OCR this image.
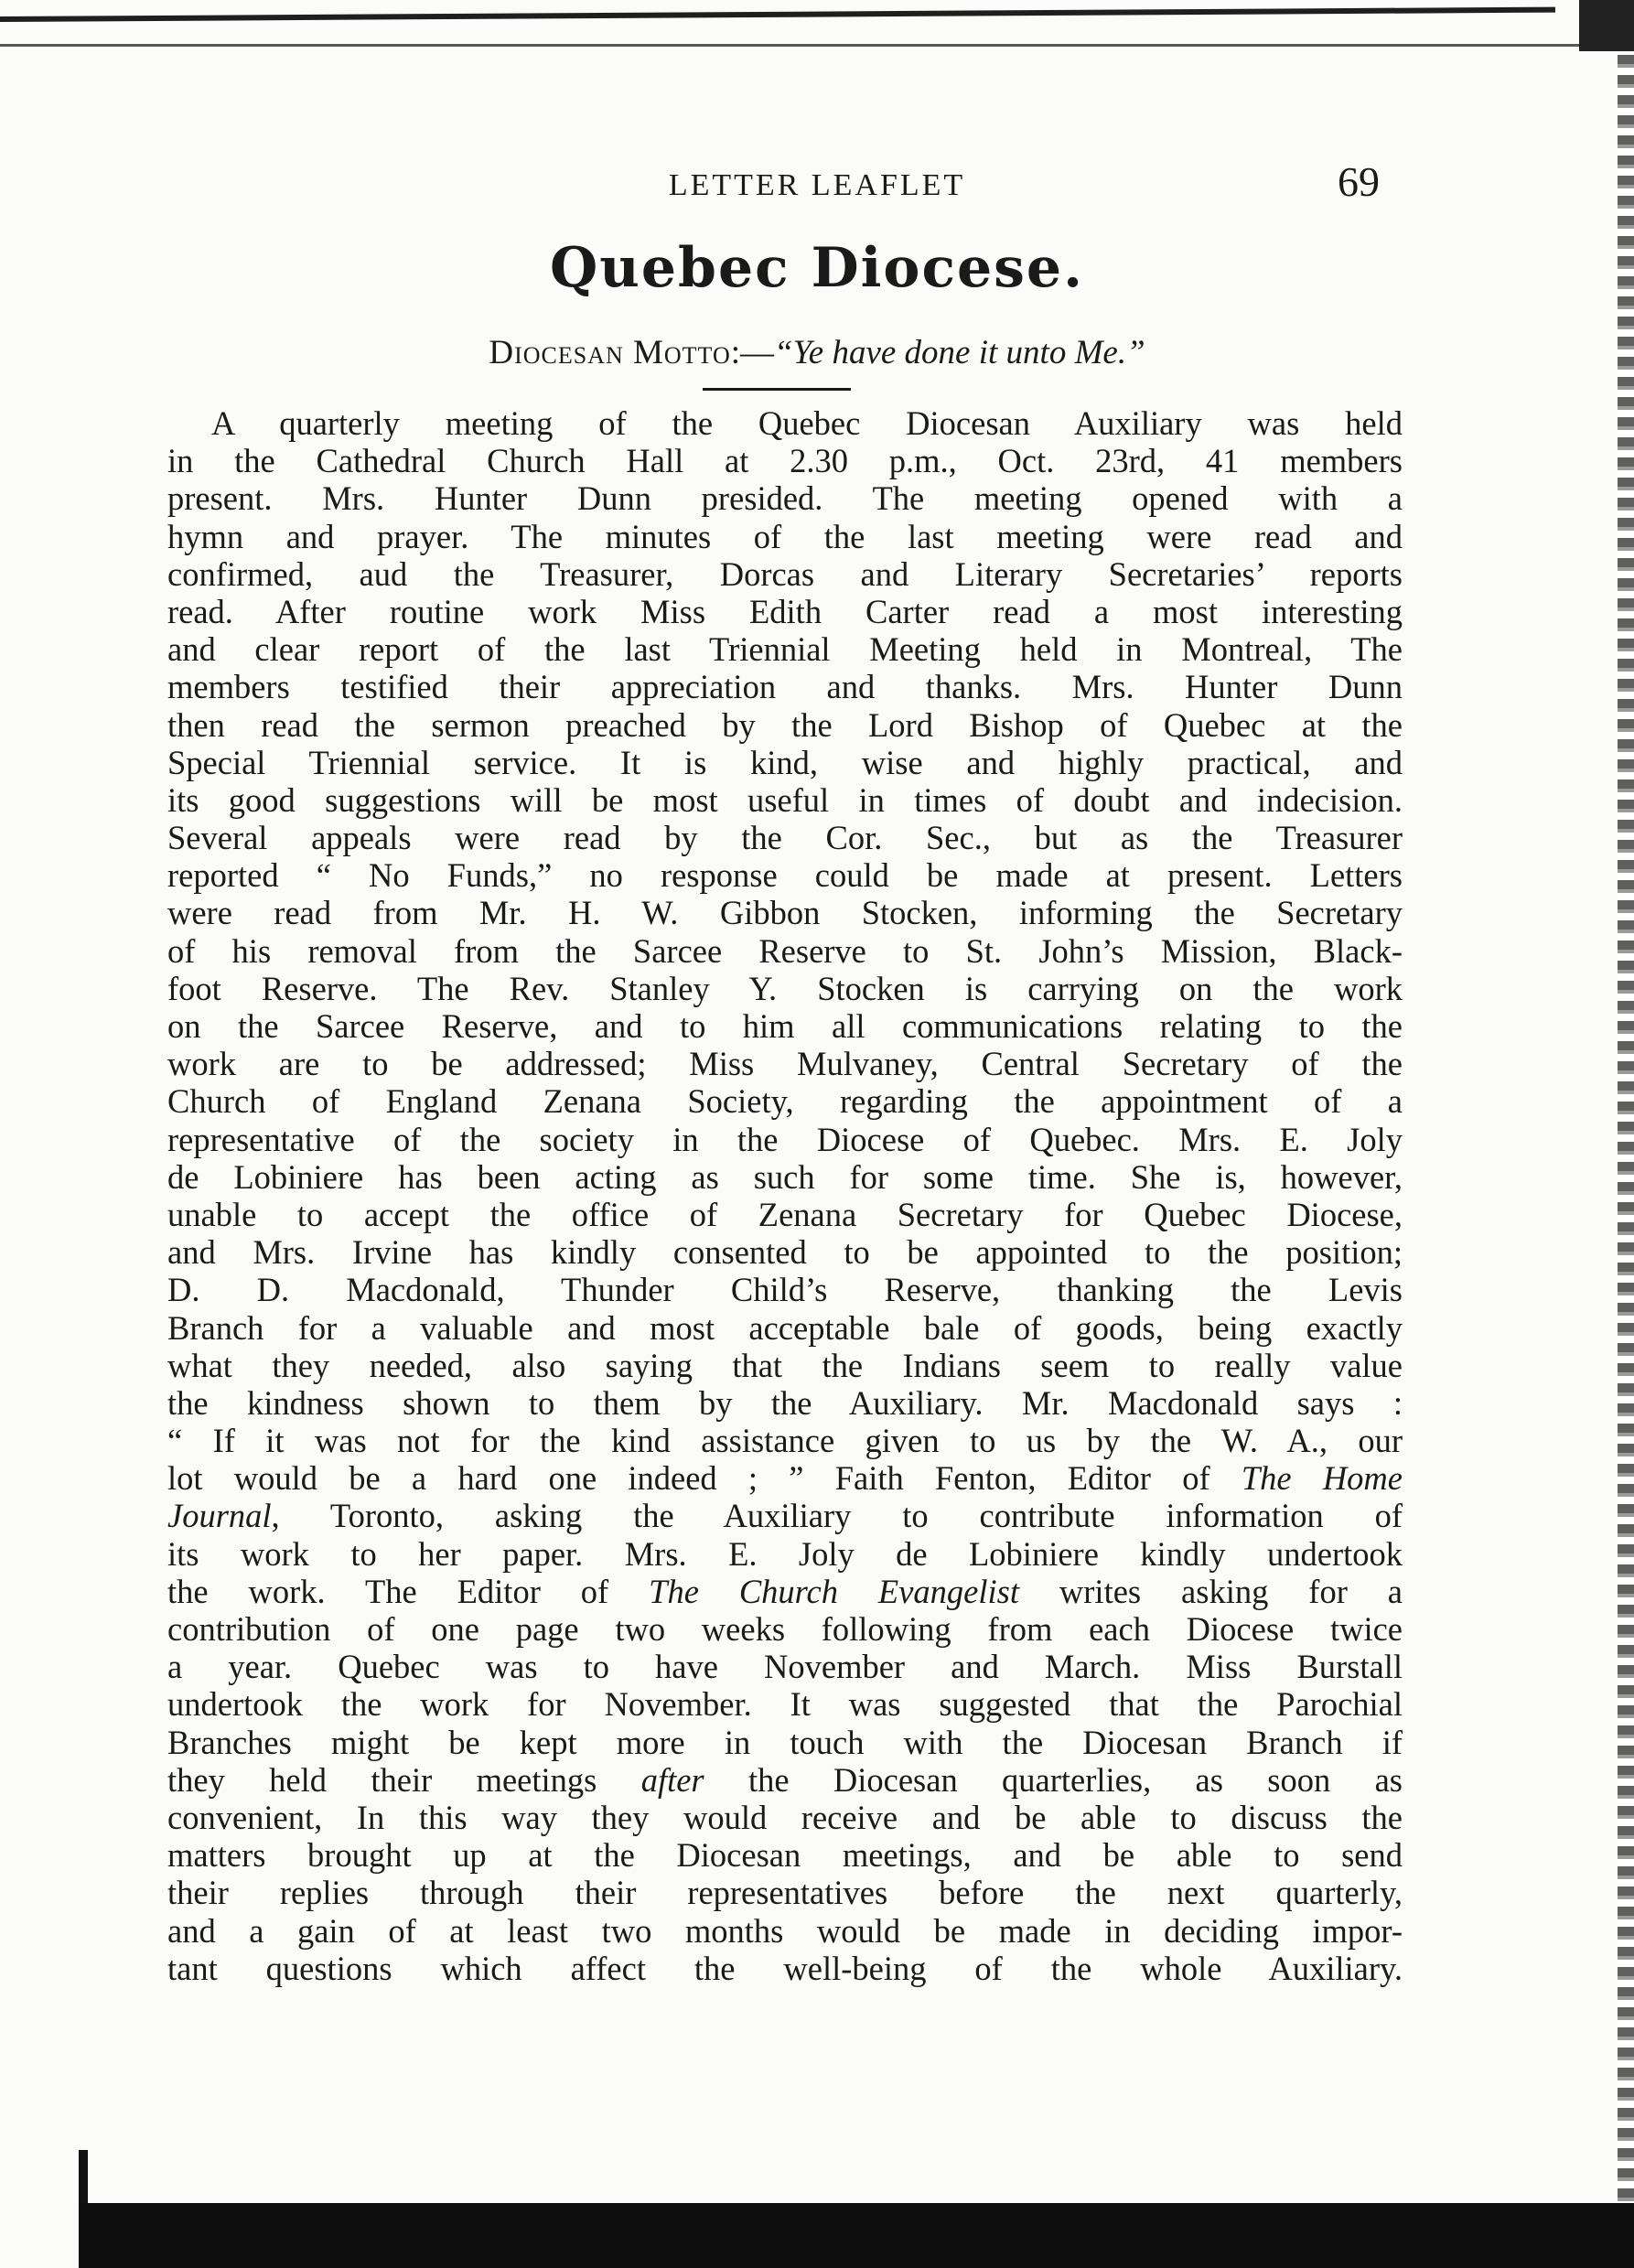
LETTER LEAFLET	69
Quebec Diocese.
Diocesan Motto:—“Ye have done it unto Me.”
A quarterly meeting of the Quebec Diocesan Auxiliary was held
in the Cathedral Church Hall at 2.30 p.m., Oct. 23rd, 41 members
present. Mrs. Hunter Dunn presided. The meeting opened with a
hymn and prayer. The minutes of the last meeting were read and
confirmed, aud the Treasurer, Dorcas and Literary Secretaries’ reports
read. After routine work Miss Edith Carter read a most interesting
and clear report of the last Triennial Meeting held in Montreal, The
members testified their appreciation and thanks. Mrs. Hunter Dunn
then read the sermon preached by the Lord Bishop of Quebec at the
Special Triennial service. It is kind, wise and highly practical, and
its good suggestions will be most useful in times of doubt and indecision.
Several appeals were read by the Cor. Sec., but as the Treasurer
reported “ No Funds,” no response could be made at present. Letters
were read from Mr. H. W. Gibbon Stocken, informing the Secretary
of his removal from the Sarcee Reserve to St. John’s Mission, Black-
foot Reserve. The Rev. Stanley Y. Stocken is carrying on the work
on the Sarcee Reserve, and to him all communications relating to the
work are to be addressed; Miss Mulvaney, Central Secretary of the
Church of England Zenana Society, regarding the appointment of a
representative of the society in the Diocese of Quebec. Mrs. E. Joly
de Lobiniere has been acting as such for some time. She is, however,
unable to accept the office of Zenana Secretary for Quebec Diocese,
and Mrs. Irvine has kindly consented to be appointed to the position;
D. D. Macdonald, Thunder Child’s Reserve, thanking the Levis
Branch for a valuable and most acceptable bale of goods, being exactly
what they needed, also saying that the Indians seem to really value
the kindness shown to them by the Auxiliary. Mr. Macdonald says :
“ If it was not for the kind assistance given to us by the W. A., our
lot would be a hard one indeed ; ” Faith Fenton, Editor of The Home
Journal, Toronto, asking the Auxiliary to contribute information of
its work to her paper. Mrs. E. Joly de Lobiniere kindly undertook
the work. The Editor of The Church Evangelist writes asking for a
contribution of one page two weeks following from each Diocese twice
a year. Quebec was to have November and March. Miss Burstall
undertook the work for November. It was suggested that the Parochial
Branches might be kept more in touch with the Diocesan Branch if
they held their meetings after the Diocesan quarterlies, as soon as
convenient, In this way they would receive and be able to discuss the
matters brought up at the Diocesan meetings, and be able to send
their replies through their representatives before the next quarterly,
and a gain of at least two months would be made in deciding impor-
tant questions which affect the well-being of the whole Auxiliary.
